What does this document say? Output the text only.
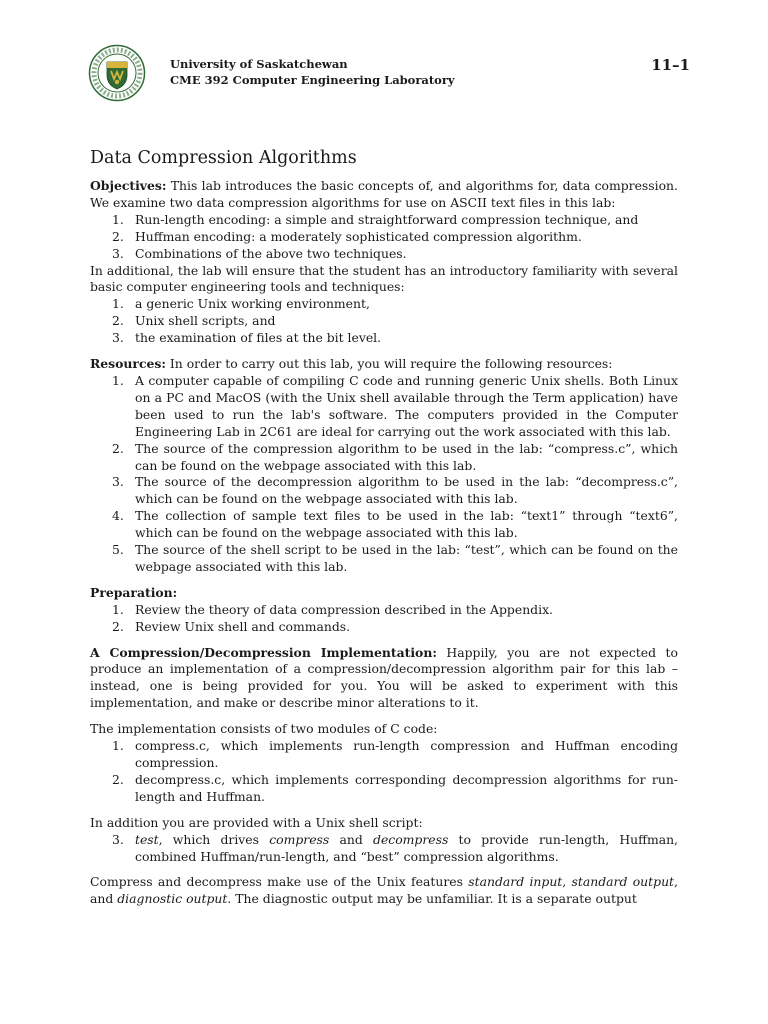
University of Saskatchewan
CME 392 Computer Engineering Laboratory
11–1
Data Compression Algorithms

Objectives: This lab introduces the basic concepts of, and algorithms for, data compression. We examine two data compression algorithms for use on ASCII text files in this lab:

1. Run-length encoding: a simple and straightforward compression technique, and
2. Huffman encoding: a moderately sophisticated compression algorithm.
3. Combinations of the above two techniques.

In additional, the lab will ensure that the student has an introductory familiarity with several basic computer engineering tools and techniques:

1. a generic Unix working environment,
2. Unix shell scripts, and
3. the examination of files at the bit level.

Resources: In order to carry out this lab, you will require the following resources:

1. A computer capable of compiling C code and running generic Unix shells. Both Linux on a PC and MacOS (with the Unix shell available through the Term application) have been used to run the lab's software. The computers provided in the Computer Engineering Lab in 2C61 are ideal for carrying out the work associated with this lab.
2. The source of the compression algorithm to be used in the lab: “compress.c”, which can be found on the webpage associated with this lab.
3. The source of the decompression algorithm to be used in the lab: “decompress.c”, which can be found on the webpage associated with this lab.
4. The collection of sample text files to be used in the lab: “text1” through “text6”, which can be found on the webpage associated with this lab.
5. The source of the shell script to be used in the lab: “test”, which can be found on the webpage associated with this lab.

Preparation:

1. Review the theory of data compression described in the Appendix.
2. Review Unix shell and commands.

A Compression/Decompression Implementation: Happily, you are not expected to produce an implementation of a compression/decompression algorithm pair for this lab – instead, one is being provided for you. You will be asked to experiment with this implementation, and make or describe minor alterations to it.

The implementation consists of two modules of C code:

1. compress.c, which implements run-length compression and Huffman encoding compression.
2. decompress.c, which implements corresponding decompression algorithms for run-length and Huffman.

In addition you are provided with a Unix shell script:

3. test, which drives compress and decompress to provide run-length, Huffman, combined Huffman/run-length, and “best” compression algorithms.

Compress and decompress make use of the Unix features standard input, standard output, and diagnostic output. The diagnostic output may be unfamiliar. It is a separate output
